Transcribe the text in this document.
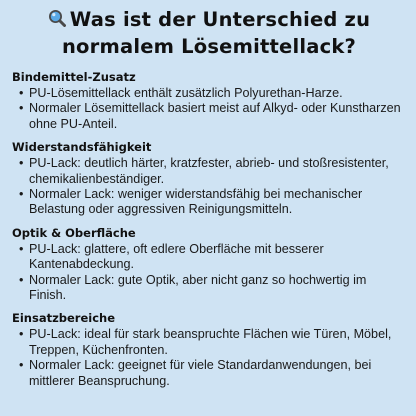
Was ist der Unterschied zu normalem Lösemittellack?
Bindemittel-Zusatz
• PU-Lösemittellack enthält zusätzlich Polyurethan-Harze.
• Normaler Lösemittellack basiert meist auf Alkyd- oder Kunstharzen ohne PU-Anteil.
Widerstandsfähigkeit
• PU-Lack: deutlich härter, kratzfester, abrieb- und stoßresistenter, chemikalienbeständiger.
• Normaler Lack: weniger widerstandsfähig bei mechanischer Belastung oder aggressiven Reinigungsmitteln.
Optik & Oberfläche
• PU-Lack: glattere, oft edlere Oberfläche mit besserer Kantenabdeckung.
• Normaler Lack: gute Optik, aber nicht ganz so hochwertig im Finish.
Einsatzbereiche
• PU-Lack: ideal für stark beanspruchte Flächen wie Türen, Möbel, Treppen, Küchenfronten.
• Normaler Lack: geeignet für viele Standardanwendungen, bei mittlerer Beanspruchung.
